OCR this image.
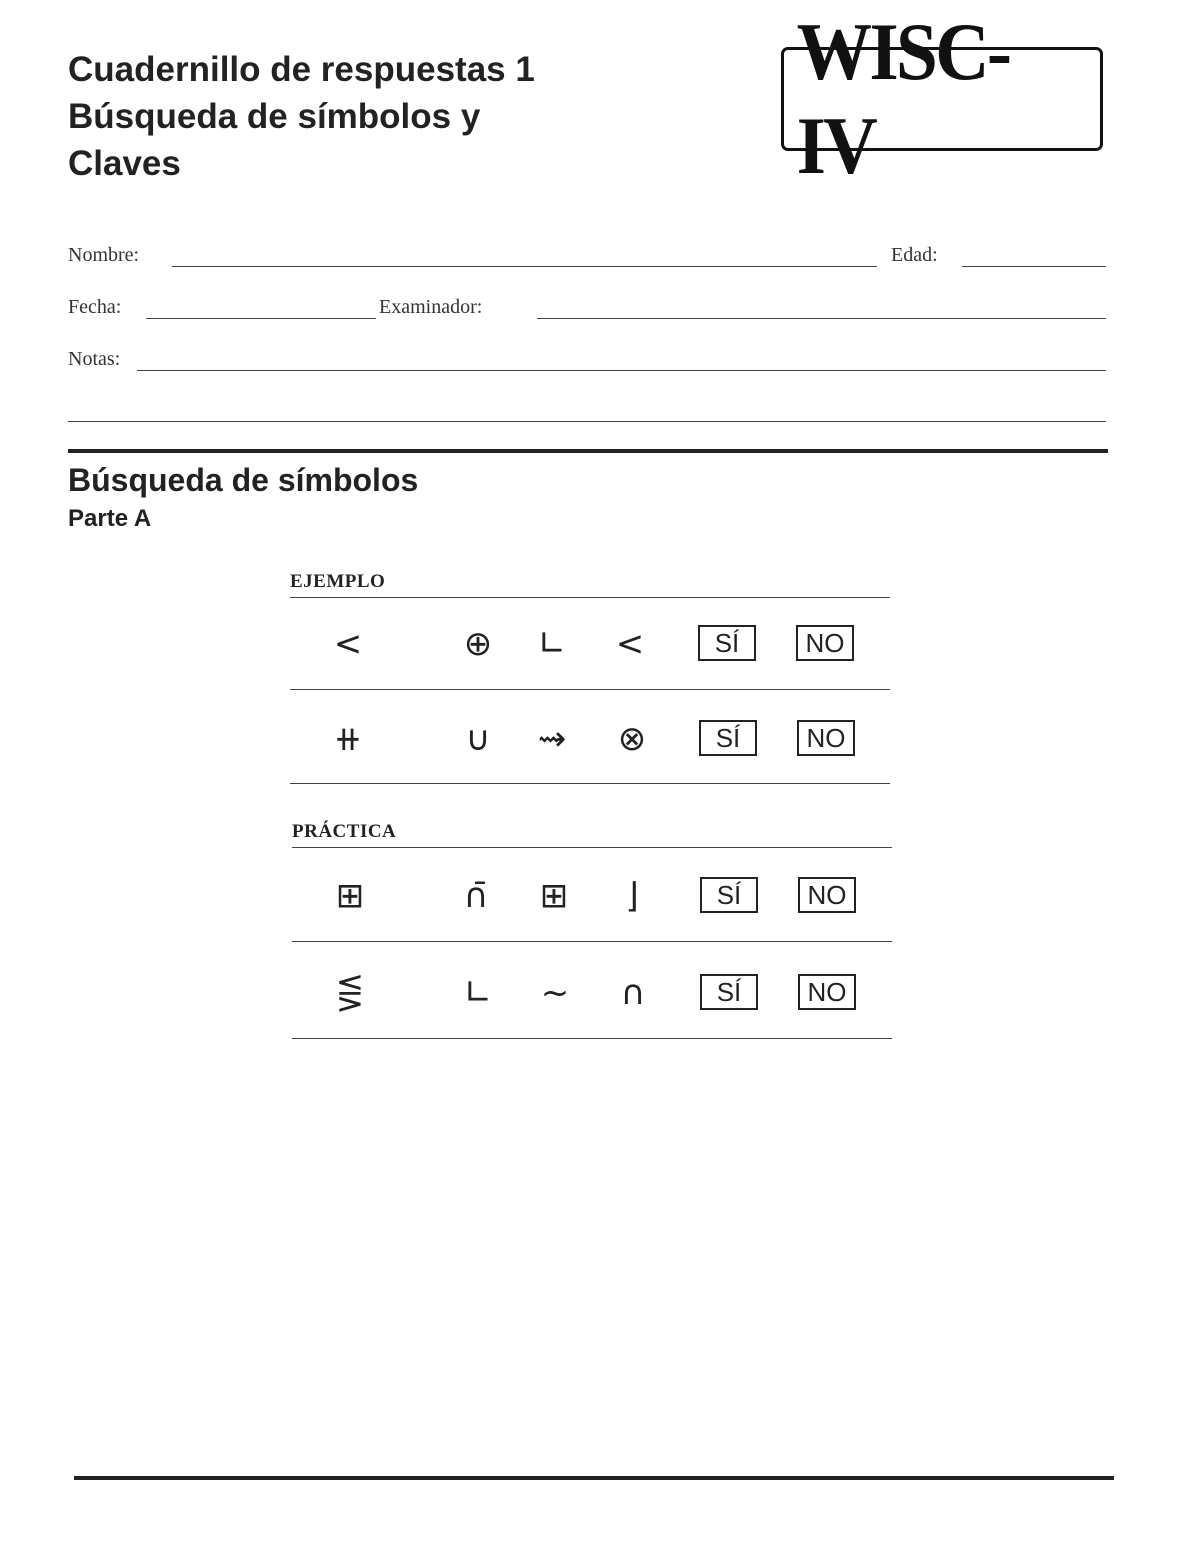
Cuadernillo de respuestas 1
Búsqueda de símbolos y
Claves
WISC-IV
Nombre:	Edad:
Fecha:	Examinador:
Notas:
Búsqueda de símbolos
Parte A
EJEMPLO
<	⊕	∟	<	SÍ	NO
⧺	∪	⇝	⊗	SÍ	NO
PRÁCTICA
⊞	∩̄	⊞	⌋	SÍ	NO
⋚	∟	~	∩	SÍ	NO
